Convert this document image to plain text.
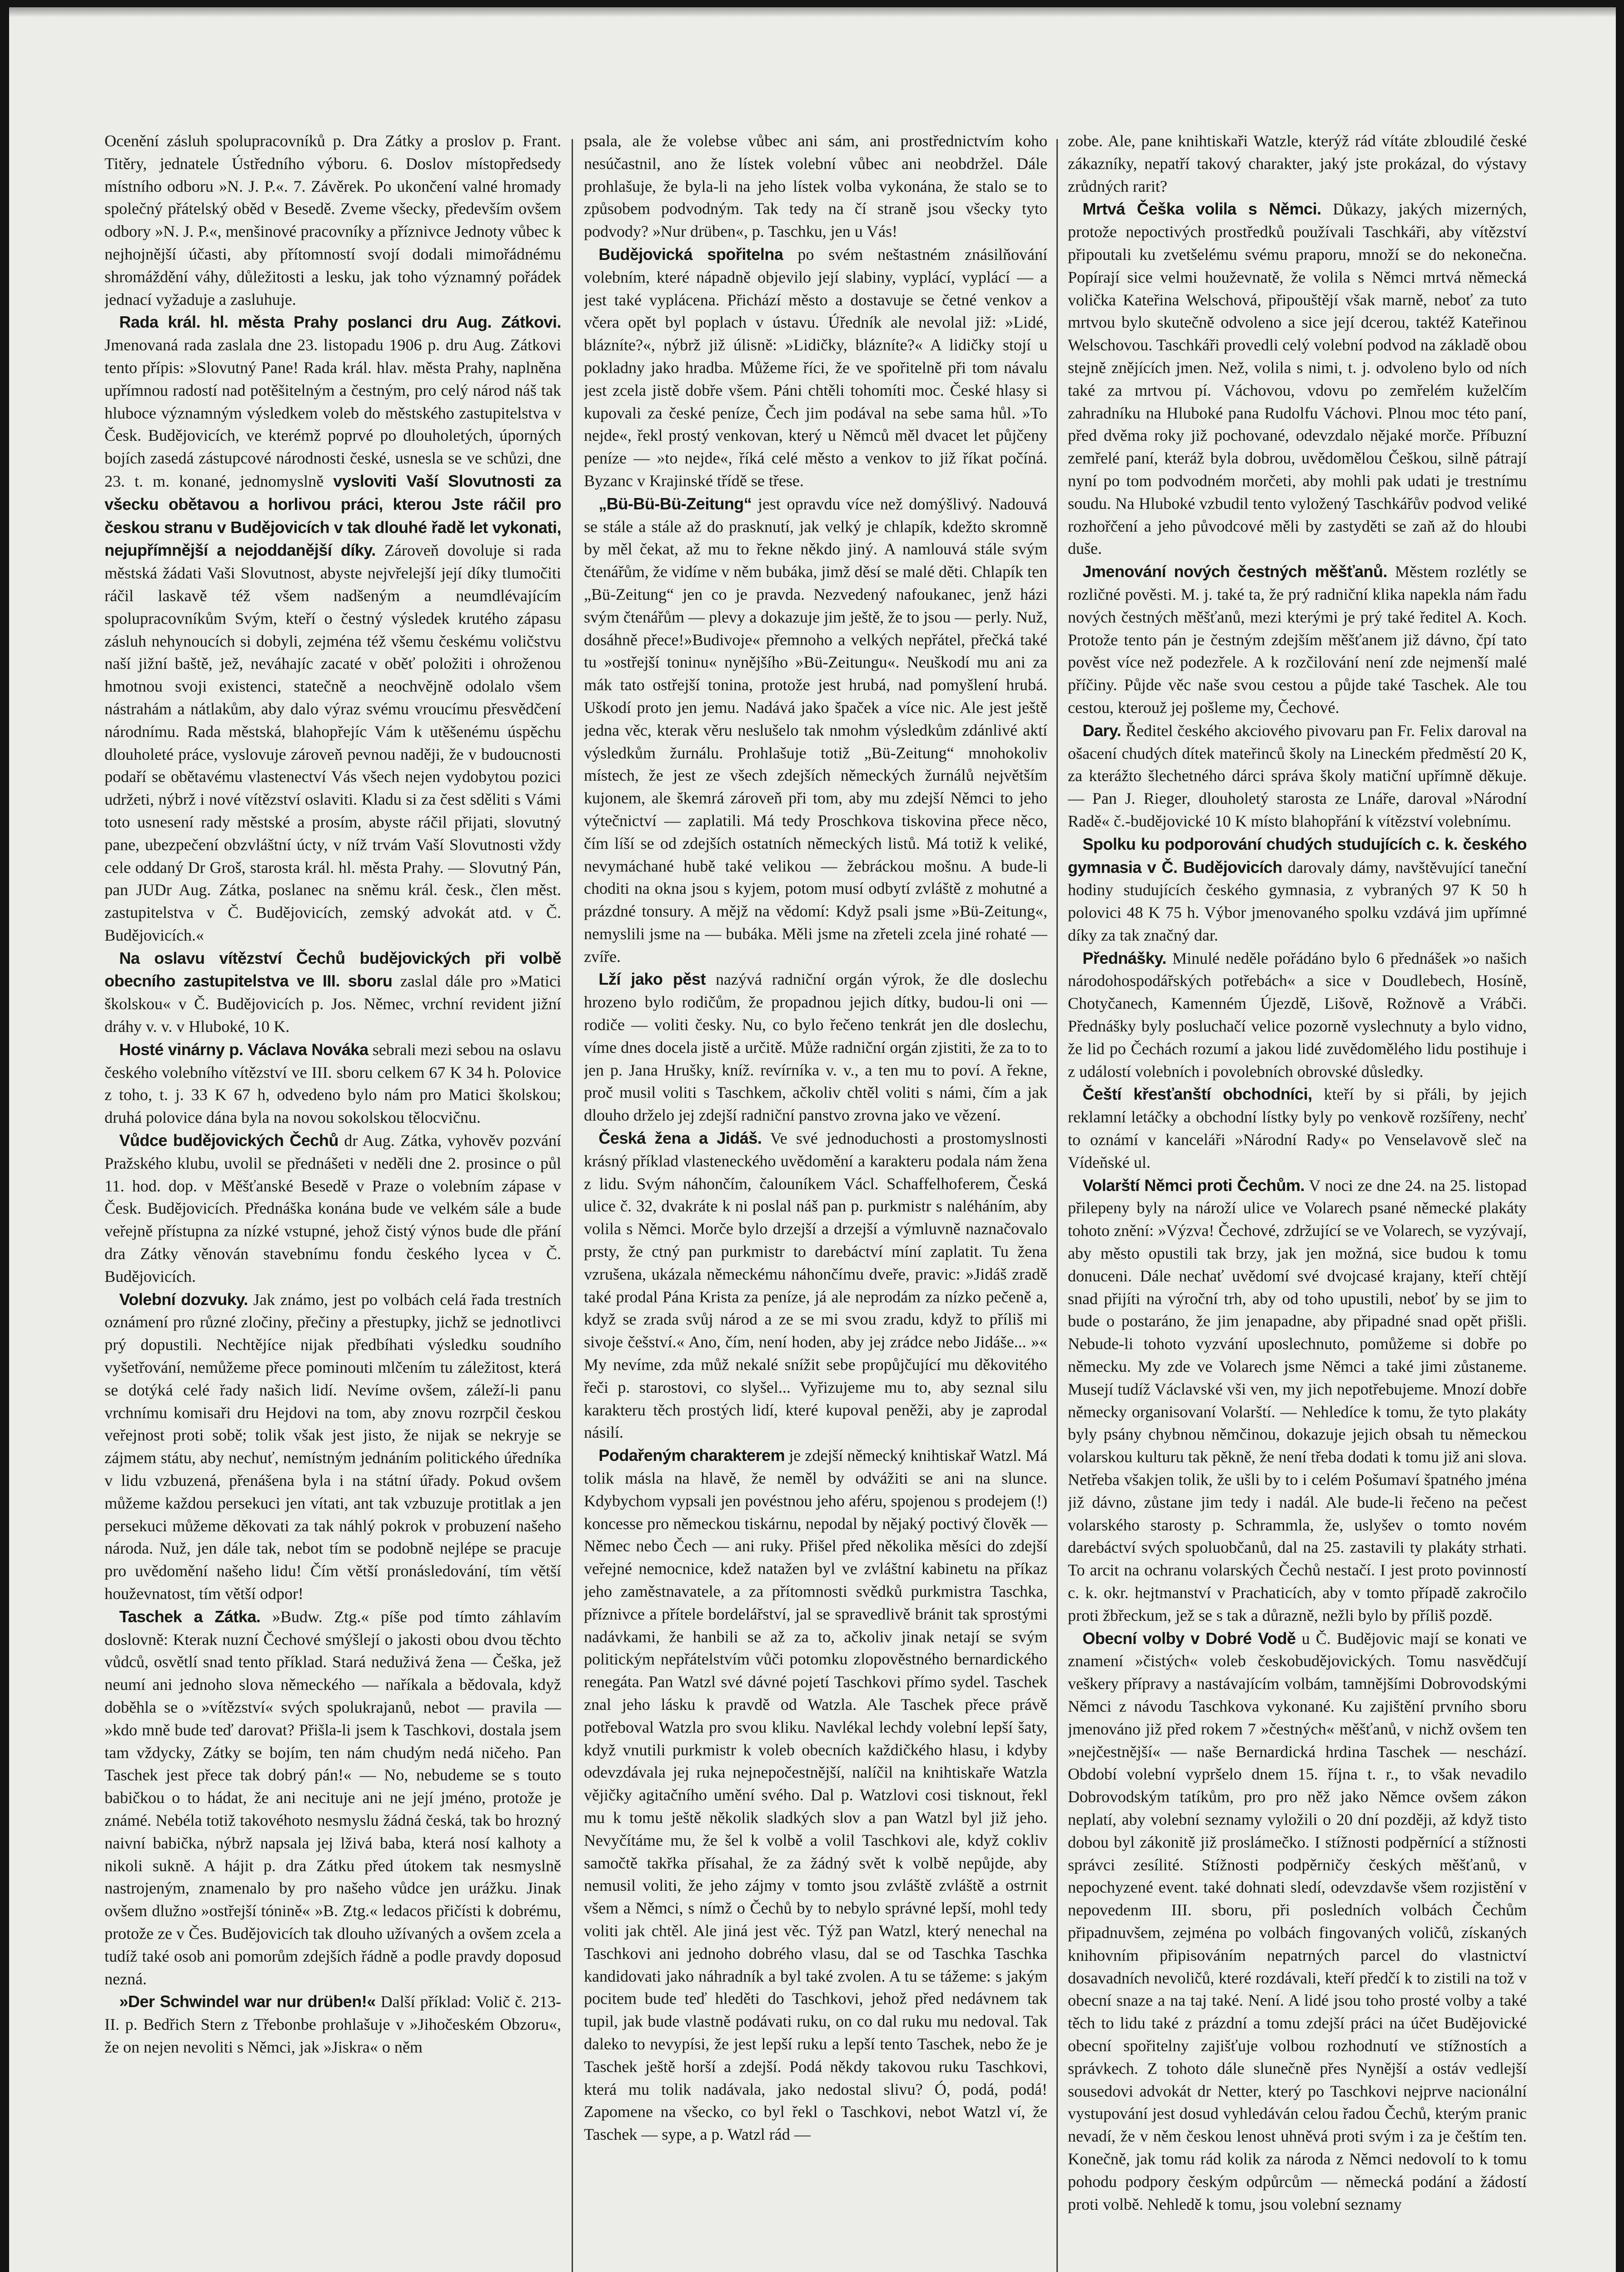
Ocenění zásluh spolupracovníků p. Dra Zátky a proslov p. Frant. Titěry, jednatele Ústředního výboru. 6. Doslov místopředsedy místního odboru »N. J. P.«. 7. Závěrek. Po ukončení valné hromady společný přátelský oběd v Besedě. Zveme všecky, především ovšem odbory »N. J. P.«, menšinové pracovníky a příznivce Jednoty vůbec k nejhojnější účasti, aby přítomností svojí dodali mimořádnému shromáždění váhy, důležitosti a lesku, jak toho významný pořádek jednací vyžaduje a zasluhuje.

Rada král. hl. města Prahy poslanci dru Aug. Zátkovi. Jmenovaná rada zaslala dne 23. listopadu 1906 p. dru Aug. Zátkovi tento přípis: »Slovutný Pane! Rada král. hlav. města Prahy, naplněna upřímnou radostí nad potěšitelným a čestným, pro celý národ náš tak hluboce významným výsledkem voleb do městského zastupitelstva v Česk. Budějovicích, ve kterémž poprvé po dlouholetých, úporných bojích zasedá zástupcové národnosti české, usnesla se ve schůzi, dne 23. t. m. konané, jednomyslně vysloviti Vaší Slovutnosti za všecku obětavou a horlivou práci, kterou Jste ráčil pro českou stranu v Budějovicích v tak dlouhé řadě let vykonati, nejupřímnější a nejoddanější díky. Zároveň dovoluje si rada městská žádati Vaši Slovutnost, abyste nejvřelejší její díky tlumočiti ráčil laskavě též všem nadšeným a neumdlévajícím spolupracovníkům Svým, kteří o čestný výsledek krutého zápasu zásluh nehynoucích si dobyli, zejména též všemu českému voličstvu naší jižní baště, jež, neváhajíc zacaté v oběť položiti i ohroženou hmotnou svoji existenci, statečně a neochvějně odolalo všem nástrahám a nátlakům, aby dalo výraz svému vroucímu přesvědčení národnímu. Rada městská, blahopřejíc Vám k utěšenému úspěchu dlouholeté práce, vyslovuje zároveň pevnou naději, že v budoucnosti podaří se obětavému vlastenectví Vás všech nejen vydobytou pozici udržeti, nýbrž i nové vítězství oslaviti. Kladu si za čest sděliti s Vámi toto usnesení rady městské a prosím, abyste ráčil přijati, slovutný pane, ubezpečení obzvláštní úcty, v níž trvám Vaší Slovutnosti vždy cele oddaný Dr Groš, starosta král. hl. města Prahy. — Slovutný Pán, pan JUDr Aug. Zátka, poslanec na sněmu král. česk., člen měst. zastupitelstva v Č. Budějovicích, zemský advokát atd. v Č. Budějovicích.«

Na oslavu vítězství Čechů budějovických při volbě obecního zastupitelstva ve III. sboru zaslal dále pro »Matici školskou« v Č. Budějovicích p. Jos. Němec, vrchní revident jižní dráhy v. v. v Hluboké, 10 K.

Hosté vinárny p. Václava Nováka sebrali mezi sebou na oslavu českého volebního vítězství ve III. sboru celkem 67 K 34 h. Polovice z toho, t. j. 33 K 67 h, odvedeno bylo nám pro Matici školskou; druhá polovice dána byla na novou sokolskou tělocvičnu.

Vůdce budějovických Čechů dr Aug. Zátka, vyhověv pozvání Pražského klubu, uvolil se přednášeti v neděli dne 2. prosince o půl 11. hod. dop. v Měšťanské Besedě v Praze o volebním zápase v Česk. Budějovicích. Přednáška konána bude ve velkém sále a bude veřejně přístupna za nízké vstupné, jehož čistý výnos bude dle přání dra Zátky věnován stavebnímu fondu českého lycea v Č. Budějovicích.

Volební dozvuky. Jak známo, jest po volbách celá řada trestních oznámení pro různé zločiny, přečiny a přestupky, jichž se jednotlivci prý dopustili. Nechtějíce nijak předbíhati výsledku soudního vyšetřování, nemůžeme přece pominouti mlčením tu záležitost, která se dotýká celé řady našich lidí. Nevíme ovšem, záleží-li panu vrchnímu komisaři dru Hejdovi na tom, aby znovu rozrpčil českou veřejnost proti sobě; tolik však jest jisto, že nijak se nekryje se zájmem státu, aby nechuť, nemístným jednáním politického úředníka v lidu vzbuzená, přenášena byla i na státní úřady. Pokud ovšem můžeme každou persekuci jen vítati, ant tak vzbuzuje protitlak a jen persekuci můžeme děkovati za tak náhlý pokrok v probuzení našeho národa. Nuž, jen dále tak, nebot tím se podobně nejlépe se pracuje pro uvědomění našeho lidu! Čím větší pronásledování, tím větší houževnatost, tím větší odpor!

Taschek a Zátka. »Budw. Ztg.« píše pod tímto záhlavím doslovně: Kterak nuzní Čechové smýšlejí o jakosti obou dvou těchto vůdců, osvětlí snad tento příklad. Stará neduživá žena — Češka, jež neumí ani jednoho slova německého — naříkala a bědovala, když doběhla se o »vítězství« svých spolukrajanů, nebot — pravila — »kdo mně bude teď darovat? Přišla-li jsem k Taschkovi, dostala jsem tam vždycky, Zátky se bojím, ten nám chudým nedá ničeho. Pan Taschek jest přece tak dobrý pán!« — No, nebudeme se s touto babičkou o to hádat, že ani necituje ani ne její jméno, protože je známé. Nebéla totiž takovéhoto nesmyslu žádná česká, tak bo hrozný naivní babička, nýbrž napsala jej lživá baba, která nosí kalhoty a nikoli sukně. A hájit p. dra Zátku před útokem tak nesmyslně nastrojeným, znamenalo by pro našeho vůdce jen urážku. Jinak ovšem dlužno »ostřejší tónině« »B. Ztg.« ledacos přičísti k dobrému, protože ze v Čes. Budějovicích tak dlouho užívaných a ovšem zcela a tudíž také osob ani pomorům zdejších řádně a podle pravdy doposud nezná.

»Der Schwindel war nur drüben!« Další příklad: Volič č. 213-II. p. Bedřich Stern z Třebonbe prohlašuje v »Jihočeském Obzoru«, že on nejen nevoliti s Němci, jak »Jiskra« o něm

psala, ale že volebse vůbec ani sám, ani prostřednictvím koho nesúčastnil, ano že lístek volební vůbec ani neobdržel. Dále prohlašuje, že byla-li na jeho lístek volba vykonána, že stalo se to způsobem podvodným. Tak tedy na čí straně jsou všecky tyto podvody? »Nur drüben«, p. Taschku, jen u Vás!

Budějovická spořitelna po svém neštastném znásilňování volebním, které nápadně objevilo její slabiny, vyplácí, vyplácí — a jest také vyplácena. Přichází město a dostavuje se četné venkov a včera opět byl poplach v ústavu. Úředník ale nevolal již: »Lidé, blázníte?«, nýbrž již úlisně: »Lidičky, blázníte?« A lidičky stojí u pokladny jako hradba. Můžeme říci, že ve spořitelně při tom návalu jest zcela jistě dobře všem. Páni chtěli tohomíti moc. České hlasy si kupovali za české peníze, Čech jim podával na sebe sama hůl. »To nejde«, řekl prostý venkovan, který u Němců měl dvacet let půjčeny peníze — »to nejde«, říká celé město a venkov to již říkat počíná. Byzanc v Krajinské třídě se třese.

„Bü-Bü-Bü-Zeitung“ jest opravdu více než domýšlivý. Nadouvá se stále a stále až do prasknutí, jak velký je chlapík, kdežto skromně by měl čekat, až mu to řekne někdo jiný. A namlouvá stále svým čtenářům, že vidíme v něm bubáka, jimž děsí se malé děti. Chlapík ten „Bü-Zeitung“ jen co je pravda. Nezvedený nafoukanec, jenž házi svým čtenářům — plevy a dokazuje jim ještě, že to jsou — perly. Nuž, dosáhně přece!»Budivoje« přemnoho a velkých nepřátel, přečká také tu »ostřejší toninu« nynějšího »Bü-Zeitungu«. Neuškodí mu ani za mák tato ostřejší tonina, protože jest hrubá, nad pomyšlení hrubá. Uškodí proto jen jemu. Nadává jako špaček a více nic. Ale jest ještě jedna věc, kterak věru neslušelo tak nmohm výsledkům zdánlivé aktí výsledkům žurnálu. Prohlašuje totiž „Bü-Zeitung“ mnohokoliv místech, že jest ze všech zdejších německých žurnálů největším kujonem, ale škemrá zároveň při tom, aby mu zdejší Němci to jeho výtečnictví — zaplatili. Má tedy Proschkova tiskovina přece něco, čím líší se od zdejších ostatních německých listů. Má totiž k veliké, nevymáchané hubě také velikou — žebráckou mošnu. A bude-li choditi na okna jsou s kyjem, potom musí odbytí zvláště z mohutné a prázdné tonsury. A mějž na vědomí: Když psali jsme »Bü-Zeitung«, nemyslili jsme na — bubáka. Měli jsme na zřeteli zcela jiné rohaté — zvíře.

Lží jako pěst nazývá radniční orgán výrok, že dle doslechu hrozeno bylo rodičům, že propadnou jejich dítky, budou-li oni — rodiče — voliti česky. Nu, co bylo řečeno tenkrát jen dle doslechu, víme dnes docela jistě a určitě. Může radniční orgán zjistiti, že za to to jen p. Jana Hrušky, kníž. revírníka v. v., a ten mu to poví. A řekne, proč musil voliti s Taschkem, ačkoliv chtěl voliti s námi, čím a jak dlouho drželo jej zdejší radniční panstvo zrovna jako ve vězení.

Česká žena a Jidáš. Ve své jednoduchosti a prostomyslnosti krásný příklad vlasteneckého uvědomění a karakteru podala nám žena z lidu. Svým náhončím, čalouníkem Václ. Schaffelhoferem, Česká ulice č. 32, dvakráte k ni poslal náš pan p. purkmistr s naléháním, aby volila s Němci. Morče bylo drzejší a drzejší a výmluvně naznačovalo prsty, že ctný pan purkmistr to darebáctví míní zaplatit. Tu žena vzrušena, ukázala německému náhončímu dveře, pravic: »Jidáš zradě také prodal Pána Krista za peníze, já ale neprodám za nízko pečeně a, když se zrada svůj národ a ze se mi svou zradu, když to příliš mi sivoje češství.« Ano, čím, není hoden, aby jej zrádce nebo Jidáše... »« My nevíme, zda můž nekalé snížit sebe propůjčující mu děkovitého řeči p. starostovi, co slyšel... Vyřizujeme mu to, aby seznal silu karakteru těch prostých lidí, které kupoval peněži, aby je zaprodal násilí.

Podařeným charakterem je zdejší německý knihtiskař Watzl. Má tolik másla na hlavě, že neměl by odvážiti se ani na slunce. Kdybychom vypsali jen povéstnou jeho aféru, spojenou s prodejem (!) koncesse pro německou tiskárnu, nepodal by nějaký poctivý člověk — Němec nebo Čech — ani ruky. Přišel před několika měsíci do zdejší veřejné nemocnice, kdež natažen byl ve zvláštní kabinetu na příkaz jeho zaměstnavatele, a za přítomnosti svědků purkmistra Taschka, příznivce a přítele bordelářství, jal se spravedlivě bránit tak sprostými nadávkami, že hanbili se až za to, ačkoliv jinak netají se svým politickým nepřátelstvím vůči potomku zlopověstného bernardického renegáta. Pan Watzl své dávné pojetí Taschkovi přímo sydel. Taschek znal jeho lásku k pravdě od Watzla. Ale Taschek přece právě potřeboval Watzla pro svou kliku. Navlékal lechdy volební lepší šaty, když vnutili purkmistr k voleb obecních každičkého hlasu, i kdyby odevzdávala jej ruka nejnepočestnější, nalíčil na knihtiskaře Watzla vějičky agitačního umění svého. Dal p. Watzlovi cosi tisknout, řekl mu k tomu ještě několik sladkých slov a pan Watzl byl již jeho. Nevyčítáme mu, že šel k volbě a volil Taschkovi ale, když cokliv samočtě takřka přísahal, že za žádný svět k volbě nepůjde, aby nemusil voliti, že jeho zájmy v tomto jsou zvláště zvláště a ostrnit všem a Němci, s nímž o Čechů by to nebylo správné lepší, mohl tedy voliti jak chtěl. Ale jiná jest věc. Týž pan Watzl, který nenechal na Taschkovi ani jednoho dobrého vlasu, dal se od Taschka Taschka kandidovati jako náhradník a byl také zvolen. A tu se tážeme: s jakým pocitem bude teď hleděti do Taschkovi, jehož před nedávnem tak tupil, jak bude vlastně podávati ruku, on co dal ruku mu nedoval. Tak daleko to nevypísi, že jest lepší ruku a lepší tento Taschek, nebo že je Taschek ještě horší a zdejší. Podá někdy takovou ruku Taschkovi, která mu tolik nadávala, jako nedostal slivu? Ó, podá, podá! Zapomene na všecko, co byl řekl o Taschkovi, nebot Watzl ví, že Taschek — sype, a p. Watzl rád —

zobe. Ale, pane knihtiskaři Watzle, kterýž rád vítáte zbloudilé české zákazníky, nepatří takový charakter, jaký jste prokázal, do výstavy zrůdných rarit?

Mrtvá Češka volila s Němci. Důkazy, jakých mizerných, protože nepoctivých prostředků používali Taschkáři, aby vítězství připoutali ku zvetšelému svému praporu, množí se do nekonečna. Popírají sice velmi houževnatě, že volila s Němci mrtvá německá volička Kateřina Welschová, připouštějí však marně, neboť za tuto mrtvou bylo skutečně odvoleno a sice její dcerou, taktéž Kateřinou Welschovou. Taschkáři provedli celý volební podvod na základě obou stejně znějících jmen. Než, volila s nimi, t. j. odvoleno bylo od ních také za mrtvou pí. Váchovou, vdovu po zemřelém kuželčím zahradníku na Hluboké pana Rudolfu Váchovi. Plnou moc této paní, před dvěma roky již pochované, odevzdalo nějaké morče. Příbuzní zemřelé paní, kteráž byla dobrou, uvědomělou Češkou, silně pátrají nyní po tom podvodném morčeti, aby mohli pak udati je trestnímu soudu. Na Hluboké vzbudil tento vyložený Taschkářův podvod veliké rozhořčení a jeho původcové měli by zastyděti se zaň až do hloubi duše.

Jmenování nových čestných měšťanů. Městem rozlétly se rozličné pověsti. M. j. také ta, že prý radniční klika napekla nám řadu nových čestných měšťanů, mezi kterými je prý také ředitel A. Koch. Protože tento pán je čestným zdejším měšťanem již dávno, čpí tato pověst více než podezřele. A k rozčilování není zde nejmenší malé příčiny. Půjde věc naše svou cestou a půjde také Taschek. Ale tou cestou, kterouž jej pošleme my, Čechové.

Dary. Ředitel českého akciového pivovaru pan Fr. Felix daroval na ošacení chudých dítek mateřinců školy na Lineckém předměstí 20 K, za kterážto šlechetného dárci správa školy matiční upřímně děkuje. — Pan J. Rieger, dlouholetý starosta ze Lnáře, daroval »Národní Radě« č.-budějovické 10 K místo blahopřání k vítězství volebnímu.

Spolku ku podporování chudých studujících c. k. českého gymnasia v Č. Budějovicích darovaly dámy, navštěvující taneční hodiny studujících českého gymnasia, z vybraných 97 K 50 h polovici 48 K 75 h. Výbor jmenovaného spolku vzdává jim upřímné díky za tak značný dar.

Přednášky. Minulé neděle pořádáno bylo 6 přednášek »o našich národohospodářských potřebách« a sice v Doudlebech, Hosíně, Chotyčanech, Kamenném Újezdě, Lišově, Rožnově a Vrábči. Přednášky byly posluchačí velice pozorně vyslechnuty a bylo vidno, že lid po Čechách rozumí a jakou lidé zuvědomělého lidu postihuje i z událostí volebních i povolebních obrovské důsledky.

Čeští křesťanští obchodníci, kteří by si přáli, by jejich reklamní letáčky a obchodní lístky byly po venkově rozšířeny, nechť to oznámí v kanceláři »Národní Rady« po Venselavově sleč na Vídeňské ul.

Volarští Němci proti Čechům. V noci ze dne 24. na 25. listopad přilepeny byly na nároží ulice ve Volarech psané německé plakáty tohoto znění: »Výzva! Čechové, zdržující se ve Volarech, se vyzývají, aby město opustili tak brzy, jak jen možná, sice budou k tomu donuceni. Dále nechať uvědomí své dvojcasé krajany, kteří chtějí snad přijíti na výroční trh, aby od toho upustili, neboť by se jim to bude o postaráno, že jim jenapadne, aby připadné snad opět přišli. Nebude-li tohoto vyzvání uposlechnuto, pomůžeme si dobře po německu. My zde ve Volarech jsme Němci a také jimi zůstaneme. Musejí tudíž Václavské vši ven, my jich nepotřebujeme. Mnozí dobře německy organisovaní Volarští. — Nehledíce k tomu, že tyto plakáty byly psány chybnou němčinou, dokazuje jejich obsah tu německou volarskou kulturu tak pěkně, že není třeba dodati k tomu již ani slova. Netřeba všakjen tolik, že ušli by to i celém Pošumaví špatného jména již dávno, zůstane jim tedy i nadál. Ale bude-li řečeno na pečest volarského starosty p. Schrammla, že, uslyšev o tomto novém darebáctví svých spoluobčanů, dal na 25. zastavili ty plakáty strhati. To arcit na ochranu volarských Čechů nestačí. I jest proto povinností c. k. okr. hejtmanství v Prachaticích, aby v tomto případě zakročilo proti žbřeckum, jež se s tak a důrazně, nežli bylo by příliš pozdě.

Obecní volby v Dobré Vodě u Č. Budějovic mají se konati ve znamení »čistých« voleb českobudějovických. Tomu nasvědčují veškery přípravy a nastávajícím volbám, tamnějšími Dobrovodskými Němci z návodu Taschkova vykonané. Ku zajištění prvního sboru jmenováno již před rokem 7 »čestných« měšťanů, v nichž ovšem ten »nejčestnější« — naše Bernardická hrdina Taschek — neschází. Období volební vypršelo dnem 15. října t. r., to však nevadilo Dobrovodským tatíkům, pro pro něž jako Němce ovšem zákon neplatí, aby volební seznamy vyložili o 20 dní později, až když tisto dobou byl zákonitě již proslámečko. I stížnosti podpěrnící a stížnosti správci zesílité. Stížnosti podpěrničy českých měšťanů, v nepochyzené event. také dohnati sledí, odevzdavše všem rozjistění v nepovedenm III. sboru, při posledních volbách Čechům připadnuvšem, zejména po volbách fingovaných voličů, získaných knihovním připisováním nepatrných parcel do vlastnictví dosavadních nevoličů, které rozdávali, kteří předčí k to zistili na tož v obecní snaze a na taj také. Není. A lidé jsou toho prosté volby a také těch to lidu také z prázdní a tomu zdejší práci na účet Budějovické obecní spořitelny zajišťuje volbou rozhodnutí ve stížnostích a správkech. Z tohoto dále slunečně přes Nynější a ostáv vedlejší sousedovi advokát dr Netter, který po Taschkovi nejprve nacionální vystupování jest dosud vyhledáván celou řadou Čechů, kterým pranic nevadí, že v něm českou lenost uhněvá proti svým i za je češtím ten. Konečně, jak tomu rád kolik za národa z Němci nedovolí to k tomu pohodu podpory českým odpůrcům — německá podání a žádostí proti volbě. Nehledě k tomu, jsou volební seznamy
